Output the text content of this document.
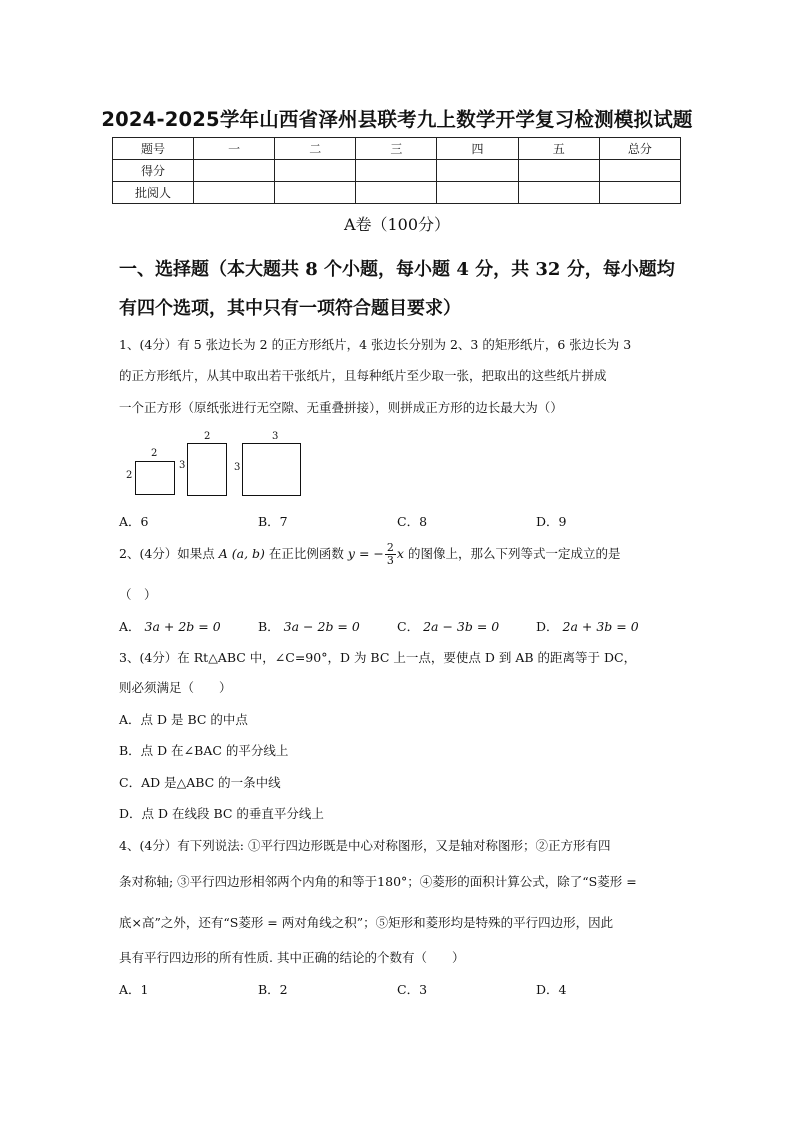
2024-2025学年山西省泽州县联考九上数学开学复习检测模拟试题
题号	一	二	三	四	五	总分
得分						
批阅人						
A卷（100分）
一、选择题（本大题共 8 个小题，每小题 4 分，共 32 分，每小题均
有四个选项，其中只有一项符合题目要求）
1、(4分）有 5 张边长为 2 的正方形纸片，4 张边长分别为 2、3 的矩形纸片，6 张边长为 3
的正方形纸片，从其中取出若干张纸片，且每种纸片至少取一张，把取出的这些纸片拼成
一个正方形（原纸张进行无空隙、无重叠拼接），则拼成正方形的边长最大为（）
2
2
2
3
3
3
A．6	B．7	C．8	D．9
2、(4分）如果点 A (a, b) 在正比例函数 y = − $\frac{2}{3}$ x 的图像上，那么下列等式一定成立的是
（　）
A． 3a + 2b = 0	B． 3a − 2b = 0	C． 2a − 3b = 0	D． 2a + 3b = 0
3、(4分）在 Rt△ABC 中，∠C=90°，D 为 BC 上一点，要使点 D 到 AB 的距离等于 DC，
则必须满足（　　）
A．点 D 是 BC 的中点
B．点 D 在∠BAC 的平分线上
C．AD 是△ABC 的一条中线
D．点 D 在线段 BC 的垂直平分线上
4、(4分）有下列说法: ①平行四边形既是中心对称图形，又是轴对称图形；②正方形有四
条对称轴; ③平行四边形相邻两个内角的和等于180°；④菱形的面积计算公式，除了“S菱形 =
底×高”之外，还有“S菱形 = 两对角线之积”；⑤矩形和菱形均是特殊的平行四边形，因此
具有平行四边形的所有性质. 其中正确的结论的个数有（　　）
A．1	B．2	C．3	D．4
